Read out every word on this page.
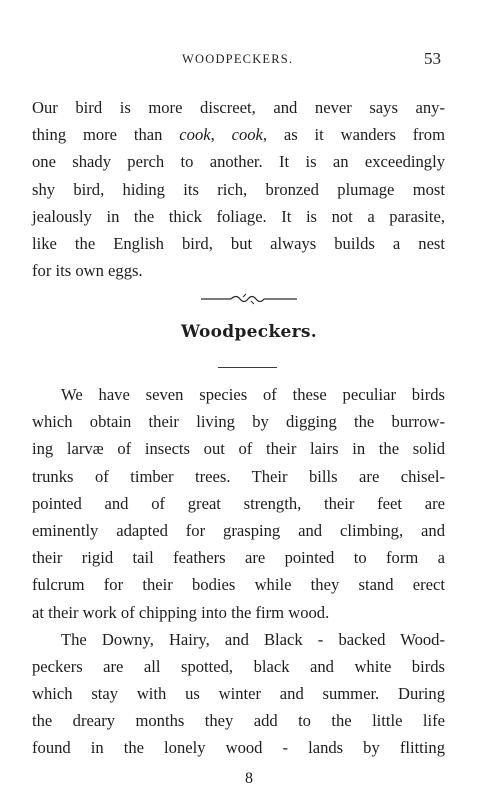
WOODPECKERS.	53
Our bird is more discreet, and never says any-
thing more than cook, cook, as it wanders from
one shady perch to another. It is an exceedingly
shy bird, hiding its rich, bronzed plumage most
jealously in the thick foliage. It is not a parasite,
like the English bird, but always builds a nest
for its own eggs.
Woodpeckers.
We have seven species of these peculiar birds
which obtain their living by digging the burrow-
ing larvæ of insects out of their lairs in the solid
trunks of timber trees. Their bills are chisel-
pointed and of great strength, their feet are
eminently adapted for grasping and climbing, and
their rigid tail feathers are pointed to form a
fulcrum for their bodies while they stand erect
at their work of chipping into the firm wood.
The Downy, Hairy, and Black - backed Wood-
peckers are all spotted, black and white birds
which stay with us winter and summer. During
the dreary months they add to the little life
found in the lonely wood - lands by flitting
8
